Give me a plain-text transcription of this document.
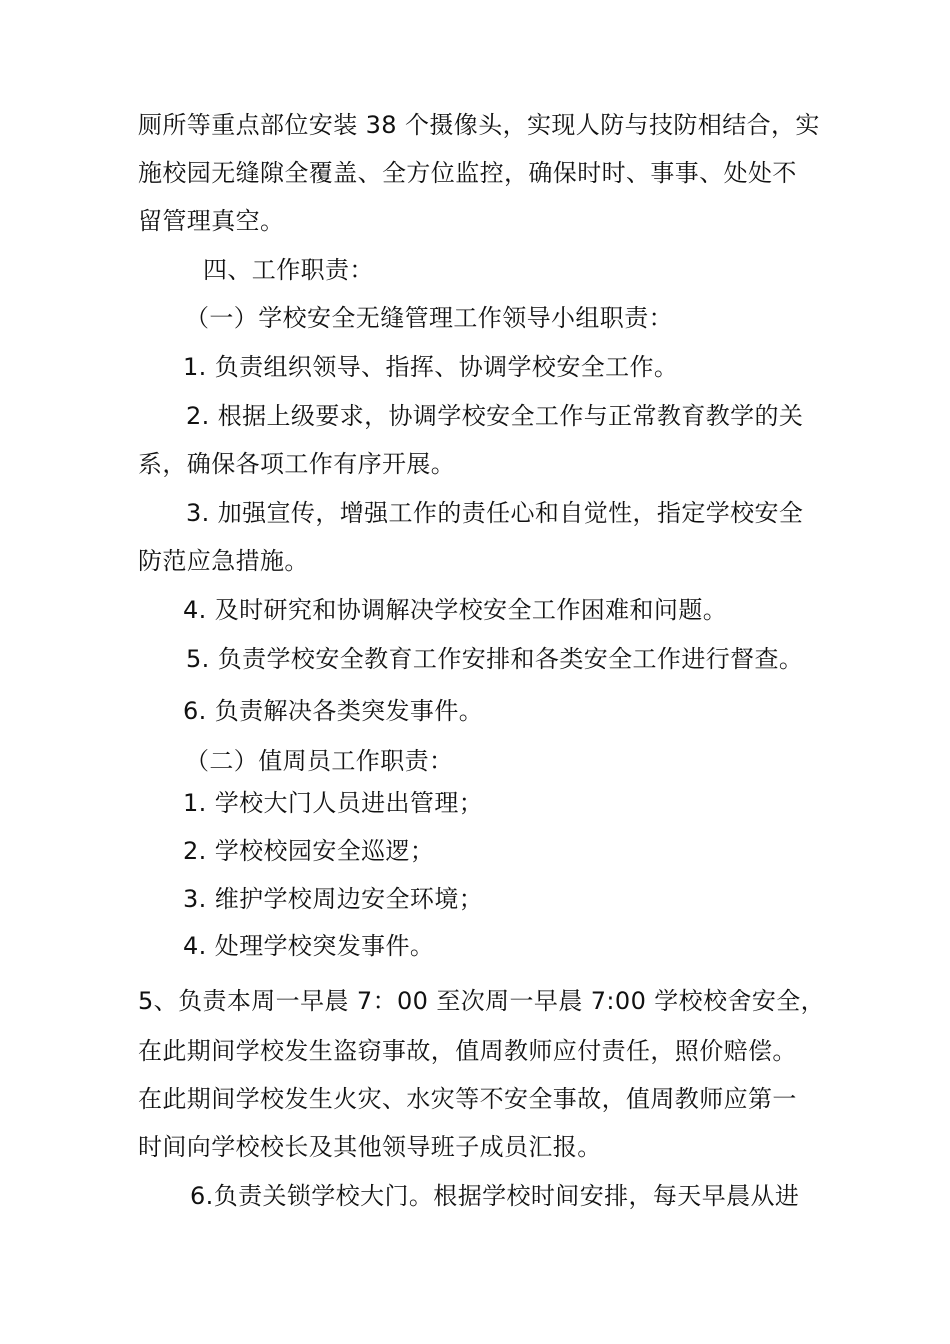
厕所等重点部位安装 38 个摄像头，实现人防与技防相结合，实
施校园无缝隙全覆盖、全方位监控，确保时时、事事、处处不
留管理真空。
四、工作职责：
（一）学校安全无缝管理工作领导小组职责：
1. 负责组织领导、指挥、协调学校安全工作。
2. 根据上级要求，协调学校安全工作与正常教育教学的关
系，确保各项工作有序开展。
3. 加强宣传，增强工作的责任心和自觉性，指定学校安全
防范应急措施。
4. 及时研究和协调解决学校安全工作困难和问题。
5. 负责学校安全教育工作安排和各类安全工作进行督查。
6. 负责解决各类突发事件。
（二）值周员工作职责：
1. 学校大门人员进出管理；
2. 学校校园安全巡逻；
3. 维护学校周边安全环境；
4. 处理学校突发事件。
5、负责本周一早晨 7：00 至次周一早晨 7:00 学校校舍安全，
在此期间学校发生盗窃事故，值周教师应付责任，照价赔偿。
在此期间学校发生火灾、水灾等不安全事故，值周教师应第一
时间向学校校长及其他领导班子成员汇报。
6.负责关锁学校大门。根据学校时间安排，每天早晨从进
